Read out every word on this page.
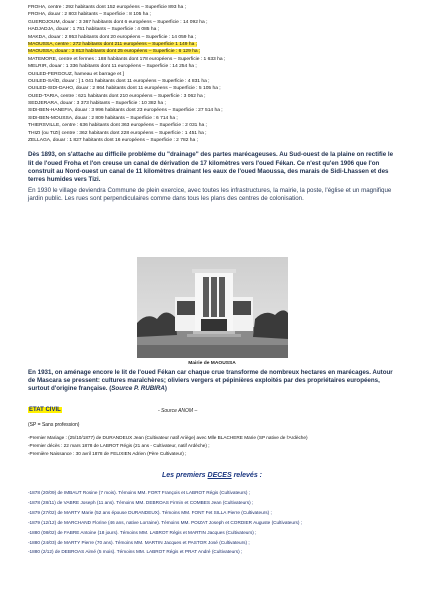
FROHA, centre : 292 habitants dont 152 européens – Superficie 893 ha ;
FROHA, douar : 2 803 habitants – Superficie : 8 105 ha ;
GUERDJOUM, douar : 3 367 habitants dont 6 européens – Superficie : 14 092 ha ;
HADJADJA, douar : 1 751 habitants – Superficie : 4 085 ha ;
MAKDA, douar : 2 953 habitants dont 20 européens – Superficie : 14 059 ha ;
MAOUSSA, centre : 272 habitants dont 211 européens – Superficie 1 149 ha ;
MAOUSSA, douar : 3 813 habitants dont 25 européens – Superficie : 6 129 ha ;
MATEMORE, centre et fermes : 188 habitants dont 178 européens – Superficie : 1 633 ha ;
MELRIR, douar : 1 336 habitants dont 11 européens – Superficie : 14 254 ha ;
OUILED-FERGOUZ, hameau et barrage et ]
OUILED-SAÏD, douar : ] 1 041 habitants dont 11 européens – Superficie : 4 831 ha ;
OUILED-SIDI-DAHO, douar : 2 864 habitants dont 11 européens – Superficie : 5 105 ha ;
OUED-TARIA, centre : 621 habitants dont 210 européens – Superficie : 3 062 ha ;
SEDJERARA, douar : 3 373 habitants – Superficie : 10 382 ha ;
SIDI-BEN-HANEFIA, douar : 3 996 habitants dont 23 européens – Superficie : 27 514 ha ;
SIDI-BEN-MOUSSA, douar : 2 809 habitants – Superficie : 6 714 ha ;
THIERSVILLE, centre : 636 habitants dont 363 européens – Superficie : 2 031 ha ;
THIZI (ou TIZI) centre : 362 habitants dont 228 européens – Superficie : 1 451 ha ;
ZELLAGA, douar : 1 827 habitants dont 16 européens – Superficie : 2 782 ha ;

Dès 1893, on s'attache au difficile problème du "drainage" des partes marécageuses. Au Sud-ouest de la plaine on rectifie le lit de l'oued Froha et l'on creuse un canal de dérivation de 17 kilomètres vers l'oued Fékan. Ce n'est qu'en 1906 que l'on construit au Nord-ouest un canal de 11 kilomètres drainant les eaux de l'oued Maoussa, des marais de Sidi-Lhassen et des terres humides vers Tizi.

En 1930 le village deviendra Commune de plein exercice, avec toutes les infrastructures, la mairie, la poste, l'église et un magnifique jardin public. Les rues sont perpendiculaires comme dans tous les plans des centres de colonisation.

Mairie de MAOUSSA

En 1931, on aménage encore le lit de l'oued Fékan car chaque crue transforme de nombreux hectares en marécages. Autour de Mascara se pressent: cultures maraîchères; oliviers vergers et pépinières exploités par des propriétaires européens, surtout d'origine française. (Source P. RUBIRA)

ETAT CIVIL	- Source ANOM –
(SP = Sans profession)
-Premier Mariage : (25/10/1877) de DURANDEUX Jean (Cultivateur natif Ariège) avec Mlle BLACHERE Marie (SP native de l'Ardèche)
-Premier décès : 22 mars 1878 de LABROT Régis (21 ans - Cultivateur, natif Ardèche) ;
-Première Naissance : 30 avril 1878 de FELIXIEN Adrien (Père Cultivateur) ;
Les premiers DECES relevés :
-1878 (20/09) de IMBAUT Rosine (7 mois). Témoins MM. FORT François et LABROT Régis (Cultivateurs) ;
-1878 (28/11) de VABRE Joseph (11 ans). Témoins MM. DEBROAS Firmin et COMBES Jean (Cultivateurs) ;
-1879 (27/02) de MARTY Marie (52 ans épouse DURANDEUX). Témoins MM. FONT Fet SILLA Pierre (Cultivateurs) ;
-1879 (12/12) de MARCHAND Florine (46 ans, native Lorraine). Témoins MM. POIZAT Joseph et CORDIER Auguste (Cultivateurs) ;
-1880 (08/02) de FABRE Antoine (18 jours). Témoins MM. LABROT Régis et MARTIN Jacques (Cultivateurs) ;
-1880 (24/03) de MARTY Pierre (70 ans). Témoins MM. MARTIN Jacques et PASTOR José (Cultivateurs) ;
-1880 (2/12) de DEBROAS Aimé (5 mois). Témoins MM. LABROT Régis et PRAT André (Cultivateurs) ;
